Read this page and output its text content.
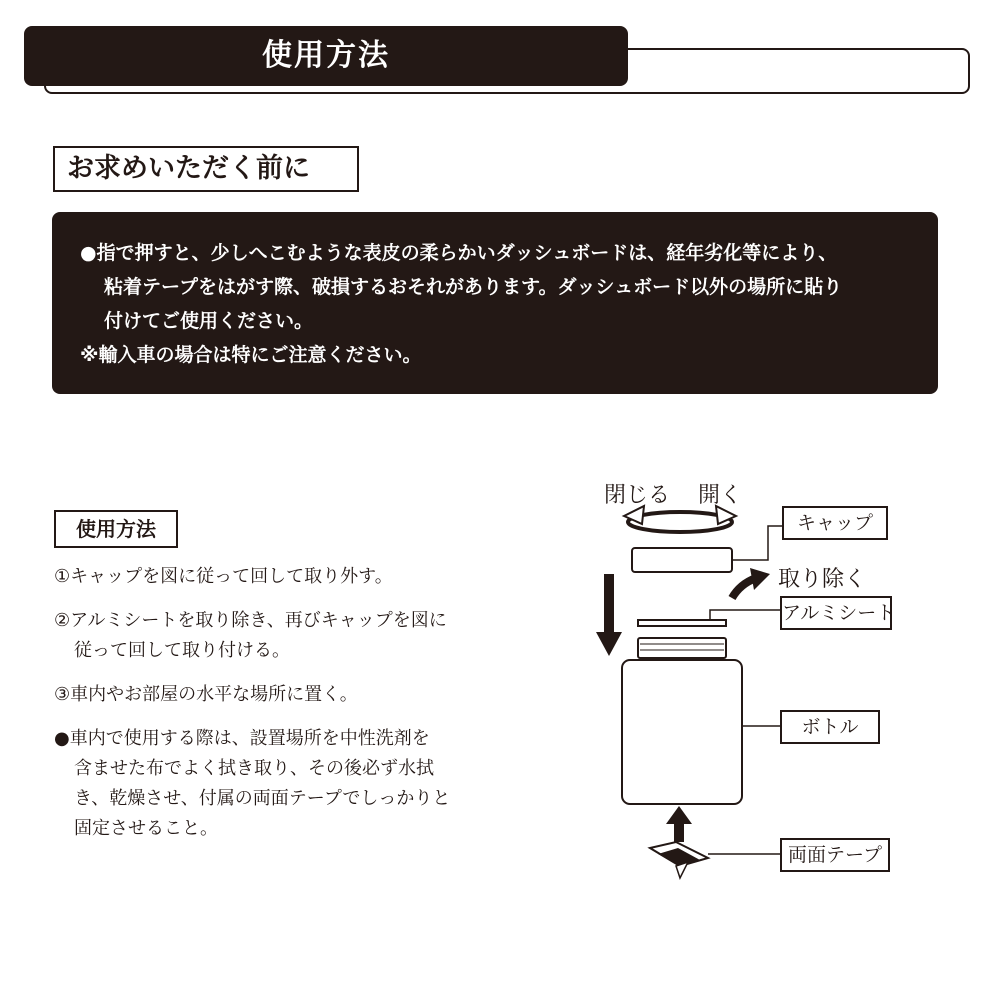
使用方法
お求めいただく前に

●指で押すと、少しへこむような表皮の柔らかいダッシュボードは、経年劣化等により、

粘着テープをはがす際、破損するおそれがあります。ダッシュボード以外の場所に貼り

付けてご使用ください。

※輸入車の場合は特にご注意ください。

使用方法

①キャップを図に従って回して取り外す。

②アルミシートを取り除き、再びキャップを図に
従って回して取り付ける。

③車内やお部屋の水平な場所に置く。

●車内で使用する際は、設置場所を中性洗剤を
含ませた布でよく拭き取り、その後必ず水拭
き、乾燥させ、付属の両面テープでしっかりと
固定させること。

閉じる 開く
取り除く
キャップ
アルミシート
ボトル
両面テープ
